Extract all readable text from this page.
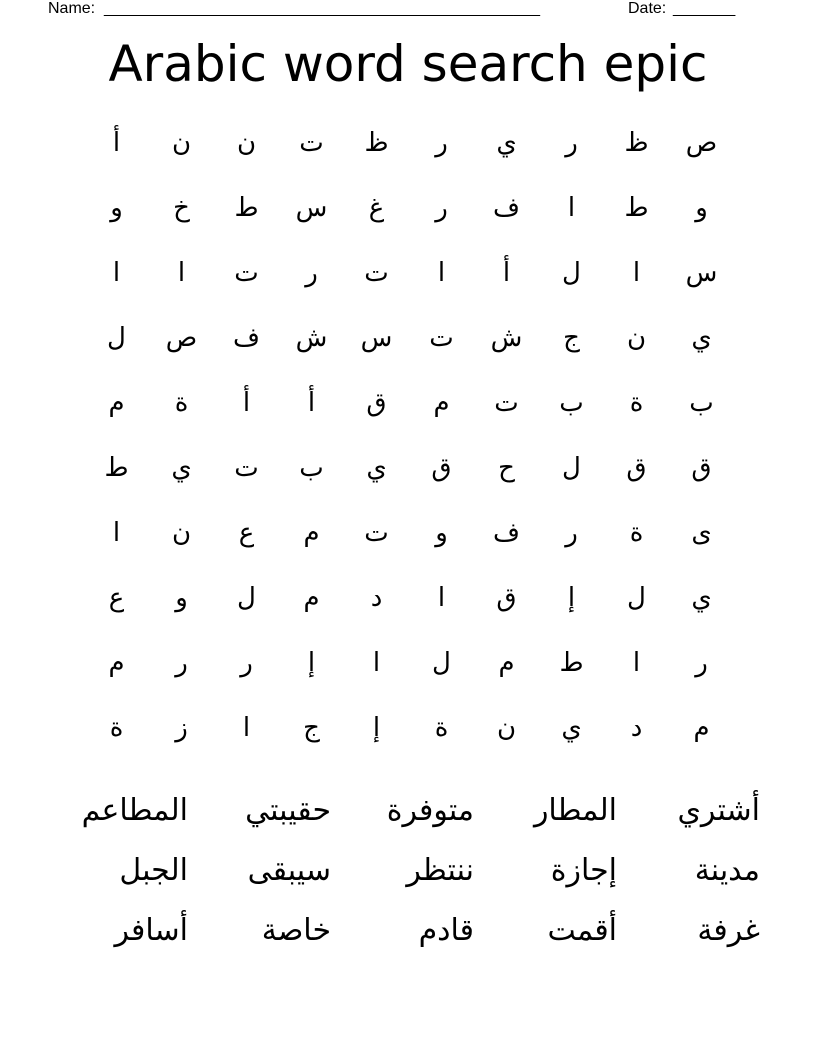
Name: _________________________________________________	Date: _______
Arabic word search epic
ص
ظ
ر
ي
ر
ظ
ت
ن
ن
أ
و
ط
ا
ف
ر
غ
س
ط
خ
و
س
ا
ل
أ
ا
ت
ر
ت
ا
ا
ي
ن
ج
ش
ت
س
ش
ف
ص
ل
ب
ة
ب
ت
م
ق
أ
أ
ة
م
ق
ق
ل
ح
ق
ي
ب
ت
ي
ط
ى
ة
ر
ف
و
ت
م
ع
ن
ا
ي
ل
إ
ق
ا
د
م
ل
و
ع
ر
ا
ط
م
ل
ا
إ
ر
ر
م
م
د
ي
ن
ة
إ
ج
ا
ز
ة
أشتري
المطار
متوفرة
حقيبتي
المطاعم
مدينة
إجازة
ننتظر
سيبقى
الجبل
غرفة
أقمت
قادم
خاصة
أسافر
